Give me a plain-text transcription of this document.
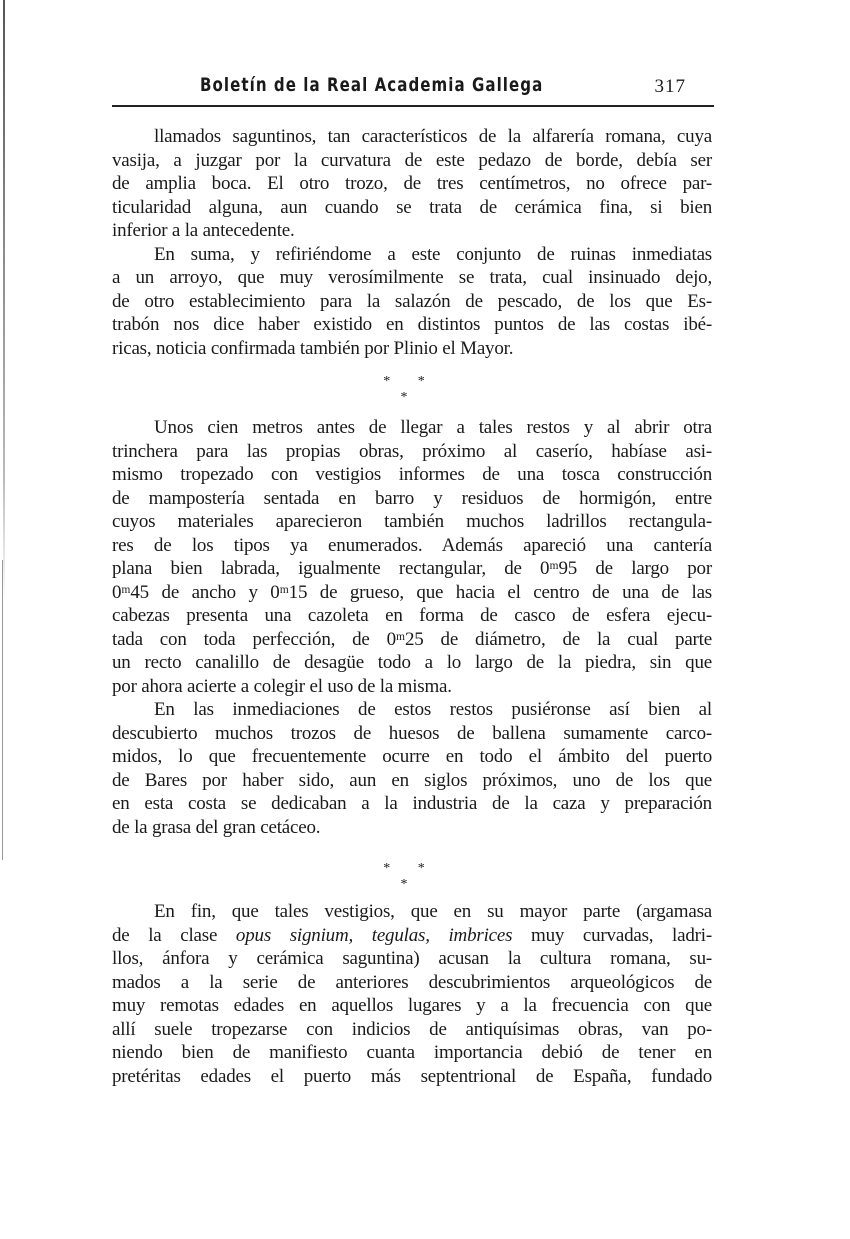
Boletín de la Real Academia Gallega	317
llamados saguntinos, tan característicos de la alfarería romana, cuya
vasija, a juzgar por la curvatura de este pedazo de borde, debía ser
de amplia boca. El otro trozo, de tres centímetros, no ofrece par-
ticularidad alguna, aun cuando se trata de cerámica fina, si bien
inferior a la antecedente.
En suma, y refiriéndome a este conjunto de ruinas inmediatas
a un arroyo, que muy verosímilmente se trata, cual insinuado dejo,
de otro establecimiento para la salazón de pescado, de los que Es-
trabón nos dice haber existido en distintos puntos de las costas ibé-
ricas, noticia confirmada también por Plinio el Mayor.
* * *
Unos cien metros antes de llegar a tales restos y al abrir otra
trinchera para las propias obras, próximo al caserío, habíase asi-
mismo tropezado con vestigios informes de una tosca construcción
de mampostería sentada en barro y residuos de hormigón, entre
cuyos materiales aparecieron también muchos ladrillos rectangula-
res de los tipos ya enumerados. Además apareció una cantería
plana bien labrada, igualmente rectangular, de 0ᵐ95 de largo por
0ᵐ45 de ancho y 0ᵐ15 de grueso, que hacia el centro de una de las
cabezas presenta una cazoleta en forma de casco de esfera ejecu-
tada con toda perfección, de 0ᵐ25 de diámetro, de la cual parte
un recto canalillo de desagüe todo a lo largo de la piedra, sin que
por ahora acierte a colegir el uso de la misma.
En las inmediaciones de estos restos pusiéronse así bien al
descubierto muchos trozos de huesos de ballena sumamente carco-
midos, lo que frecuentemente ocurre en todo el ámbito del puerto
de Bares por haber sido, aun en siglos próximos, uno de los que
en esta costa se dedicaban a la industria de la caza y preparación
de la grasa del gran cetáceo.
* * *
En fin, que tales vestigios, que en su mayor parte (argamasa
de la clase opus signium, tegulas, imbrices muy curvadas, ladri-
llos, ánfora y cerámica saguntina) acusan la cultura romana, su-
mados a la serie de anteriores descubrimientos arqueológicos de
muy remotas edades en aquellos lugares y a la frecuencia con que
allí suele tropezarse con indicios de antiquísimas obras, van po-
niendo bien de manifiesto cuanta importancia debió de tener en
pretéritas edades el puerto más septentrional de España, fundado
